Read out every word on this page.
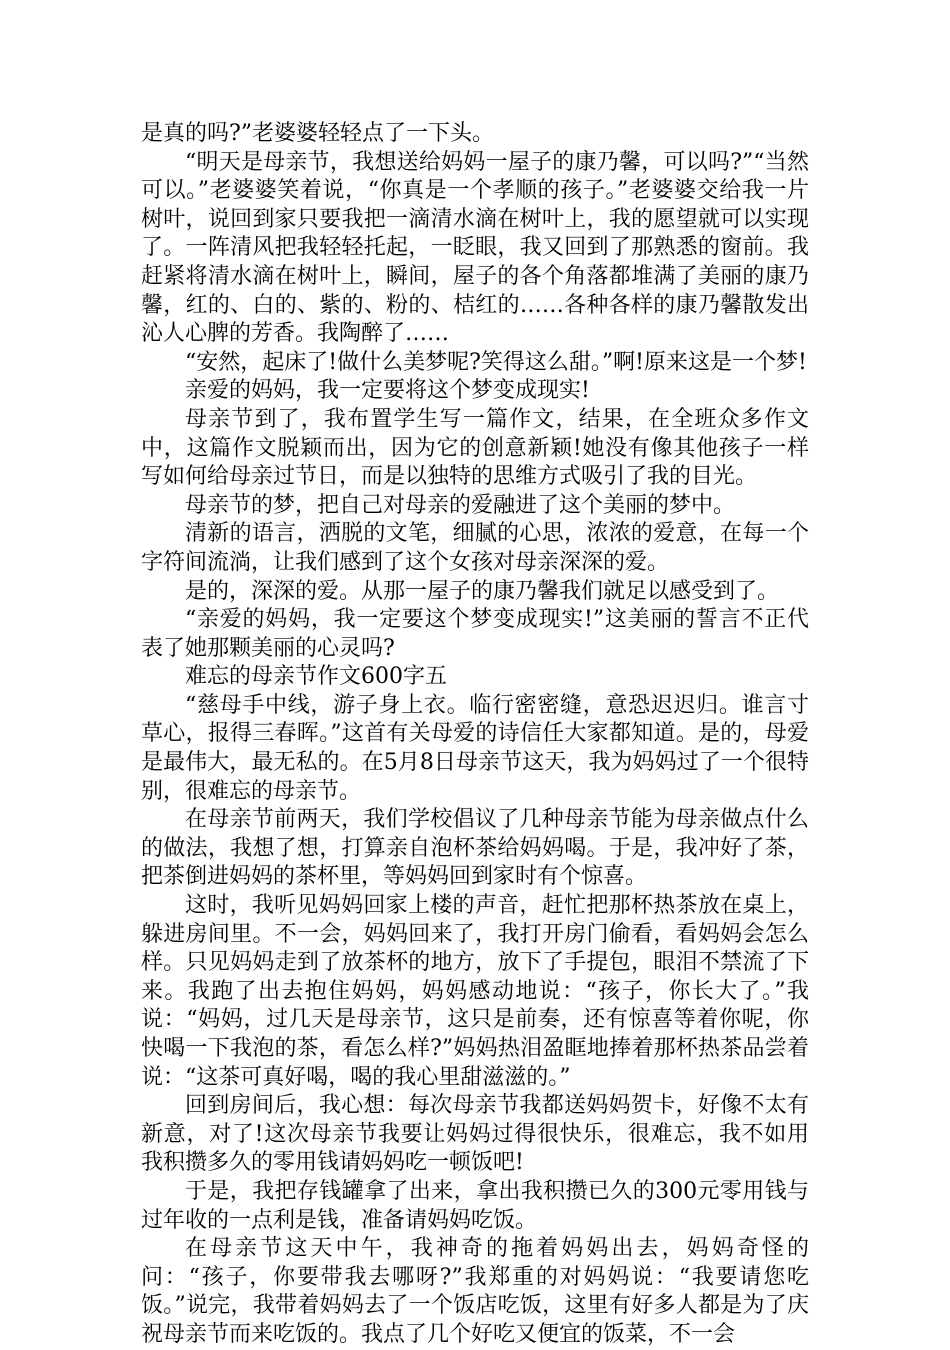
是真的吗?”老婆婆轻轻点了一下头。

“明天是母亲节，我想送给妈妈一屋子的康乃馨，可以吗?”“当然可以。”老婆婆笑着说，“你真是一个孝顺的孩子。”老婆婆交给我一片树叶，说回到家只要我把一滴清水滴在树叶上，我的愿望就可以实现了。一阵清风把我轻轻托起，一眨眼，我又回到了那熟悉的窗前。我赶紧将清水滴在树叶上，瞬间，屋子的各个角落都堆满了美丽的康乃馨，红的、白的、紫的、粉的、桔红的……各种各样的康乃馨散发出沁人心脾的芳香。我陶醉了……

“安然，起床了!做什么美梦呢?笑得这么甜。”啊!原来这是一个梦!

亲爱的妈妈，我一定要将这个梦变成现实!

母亲节到了，我布置学生写一篇作文，结果，在全班众多作文中，这篇作文脱颖而出，因为它的创意新颖!她没有像其他孩子一样写如何给母亲过节日，而是以独特的思维方式吸引了我的目光。

母亲节的梦，把自己对母亲的爱融进了这个美丽的梦中。

清新的语言，洒脱的文笔，细腻的心思，浓浓的爱意，在每一个字符间流淌，让我们感到了这个女孩对母亲深深的爱。

是的，深深的爱。从那一屋子的康乃馨我们就足以感受到了。

“亲爱的妈妈，我一定要这个梦变成现实!”这美丽的誓言不正代表了她那颗美丽的心灵吗?

难忘的母亲节作文600字五

“慈母手中线，游子身上衣。临行密密缝，意恐迟迟归。谁言寸草心，报得三春晖。”这首有关母爱的诗信任大家都知道。是的，母爱是最伟大，最无私的。在5月8日母亲节这天，我为妈妈过了一个很特别，很难忘的母亲节。

在母亲节前两天，我们学校倡议了几种母亲节能为母亲做点什么的做法，我想了想，打算亲自泡杯茶给妈妈喝。于是，我冲好了茶，把茶倒进妈妈的茶杯里，等妈妈回到家时有个惊喜。

这时，我听见妈妈回家上楼的声音，赶忙把那杯热茶放在桌上，躲进房间里。不一会，妈妈回来了，我打开房门偷看，看妈妈会怎么样。只见妈妈走到了放茶杯的地方，放下了手提包，眼泪不禁流了下来。我跑了出去抱住妈妈，妈妈感动地说：“孩子，你长大了。”我说：“妈妈，过几天是母亲节，这只是前奏，还有惊喜等着你呢，你快喝一下我泡的茶，看怎么样?”妈妈热泪盈眶地捧着那杯热茶品尝着说：“这茶可真好喝，喝的我心里甜滋滋的。”

回到房间后，我心想：每次母亲节我都送妈妈贺卡，好像不太有新意，对了!这次母亲节我要让妈妈过得很快乐，很难忘，我不如用我积攒多久的零用钱请妈妈吃一顿饭吧!

于是，我把存钱罐拿了出来，拿出我积攒已久的300元零用钱与过年收的一点利是钱，准备请妈妈吃饭。

在母亲节这天中午，我神奇的拖着妈妈出去，妈妈奇怪的问：“孩子，你要带我去哪呀?”我郑重的对妈妈说：“我要请您吃饭。”说完，我带着妈妈去了一个饭店吃饭，这里有好多人都是为了庆祝母亲节而来吃饭的。我点了几个好吃又便宜的饭菜，不一会
